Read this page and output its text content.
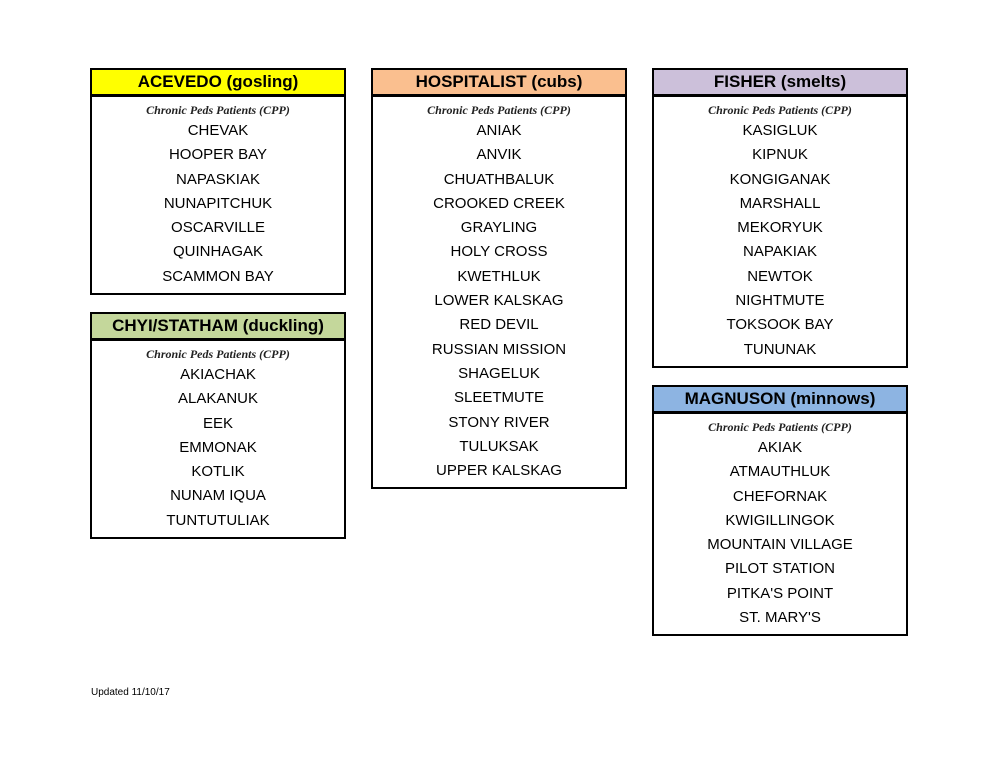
ACEVEDO (gosling)
Chronic Peds Patients (CPP)
CHEVAK
HOOPER BAY
NAPASKIAK
NUNAPITCHUK
OSCARVILLE
QUINHAGAK
SCAMMON BAY
CHYI/STATHAM (duckling)
Chronic Peds Patients (CPP)
AKIACHAK
ALAKANUK
EEK
EMMONAK
KOTLIK
NUNAM IQUA
TUNTUTULIAK
HOSPITALIST (cubs)
Chronic Peds Patients (CPP)
ANIAK
ANVIK
CHUATHBALUK
CROOKED CREEK
GRAYLING
HOLY CROSS
KWETHLUK
LOWER KALSKAG
RED DEVIL
RUSSIAN MISSION
SHAGELUK
SLEETMUTE
STONY RIVER
TULUKSAK
UPPER KALSKAG
FISHER (smelts)
Chronic Peds Patients (CPP)
KASIGLUK
KIPNUK
KONGIGANAK
MARSHALL
MEKORYUK
NAPAKIAK
NEWTOK
NIGHTMUTE
TOKSOOK BAY
TUNUNAK
MAGNUSON (minnows)
Chronic Peds Patients (CPP)
AKIAK
ATMAUTHLUK
CHEFORNAK
KWIGILLINGOK
MOUNTAIN VILLAGE
PILOT STATION
PITKA'S POINT
ST. MARY'S
Updated 11/10/17
